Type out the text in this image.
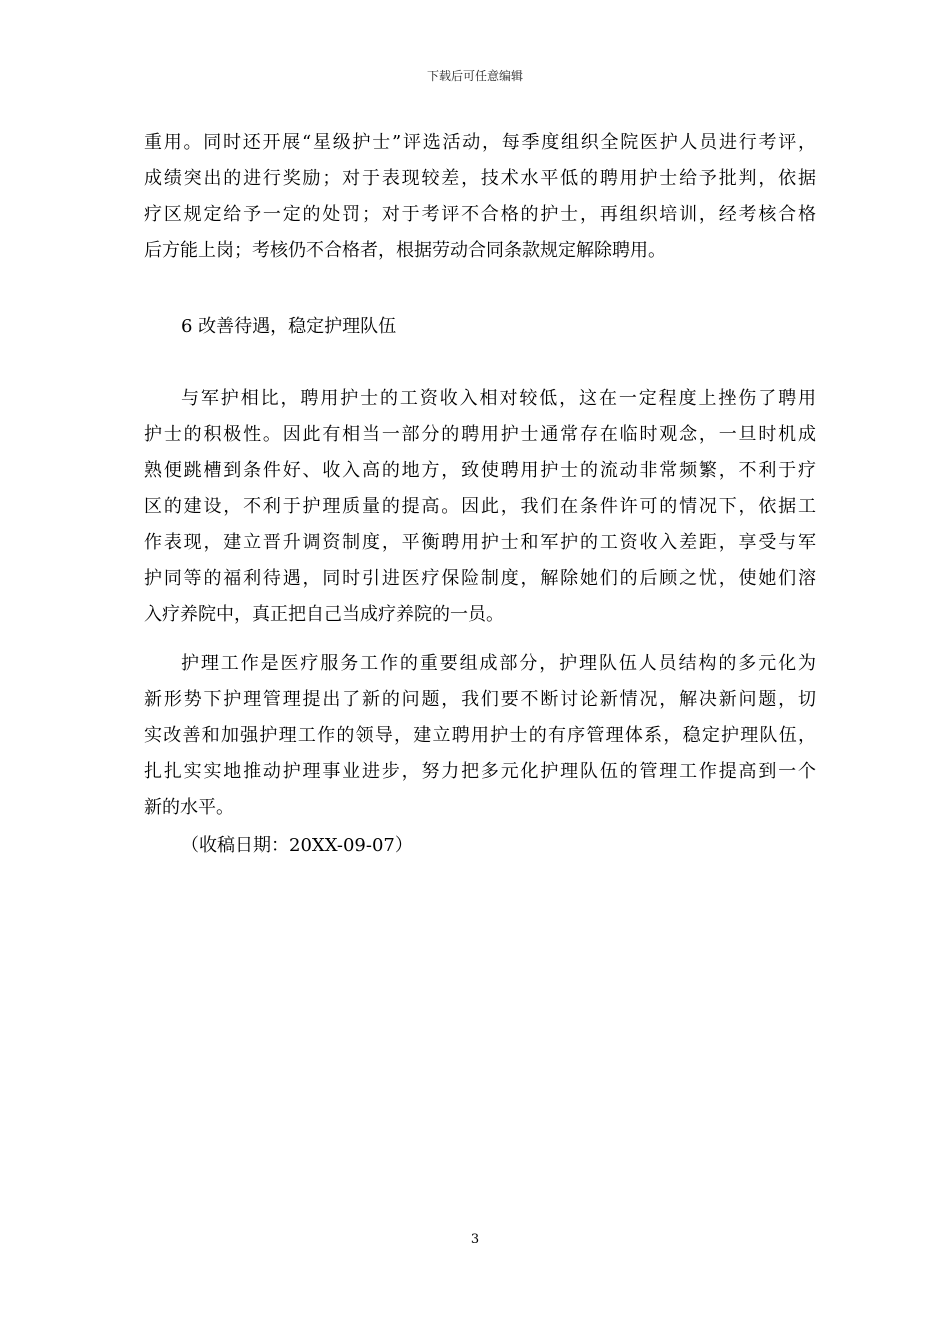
下载后可任意编辑
重用。同时还开展“星级护士”评选活动，每季度组织全院医护人员进行考评，
成绩突出的进行奖励；对于表现较差，技术水平低的聘用护士给予批判，依据
疗区规定给予一定的处罚；对于考评不合格的护士，再组织培训，经考核合格
后方能上岗；考核仍不合格者，根据劳动合同条款规定解除聘用。
6 改善待遇，稳定护理队伍
与军护相比，聘用护士的工资收入相对较低，这在一定程度上挫伤了聘用
护士的积极性。因此有相当一部分的聘用护士通常存在临时观念，一旦时机成
熟便跳槽到条件好、收入高的地方，致使聘用护士的流动非常频繁，不利于疗
区的建设，不利于护理质量的提高。因此，我们在条件许可的情况下，依据工
作表现，建立晋升调资制度，平衡聘用护士和军护的工资收入差距，享受与军
护同等的福利待遇，同时引进医疗保险制度，解除她们的后顾之忧，使她们溶
入疗养院中，真正把自己当成疗养院的一员。
护理工作是医疗服务工作的重要组成部分，护理队伍人员结构的多元化为
新形势下护理管理提出了新的问题，我们要不断讨论新情况，解决新问题，切
实改善和加强护理工作的领导，建立聘用护士的有序管理体系，稳定护理队伍，
扎扎实实地推动护理事业进步，努力把多元化护理队伍的管理工作提高到一个
新的水平。
（收稿日期：20XX-09-07）
3
